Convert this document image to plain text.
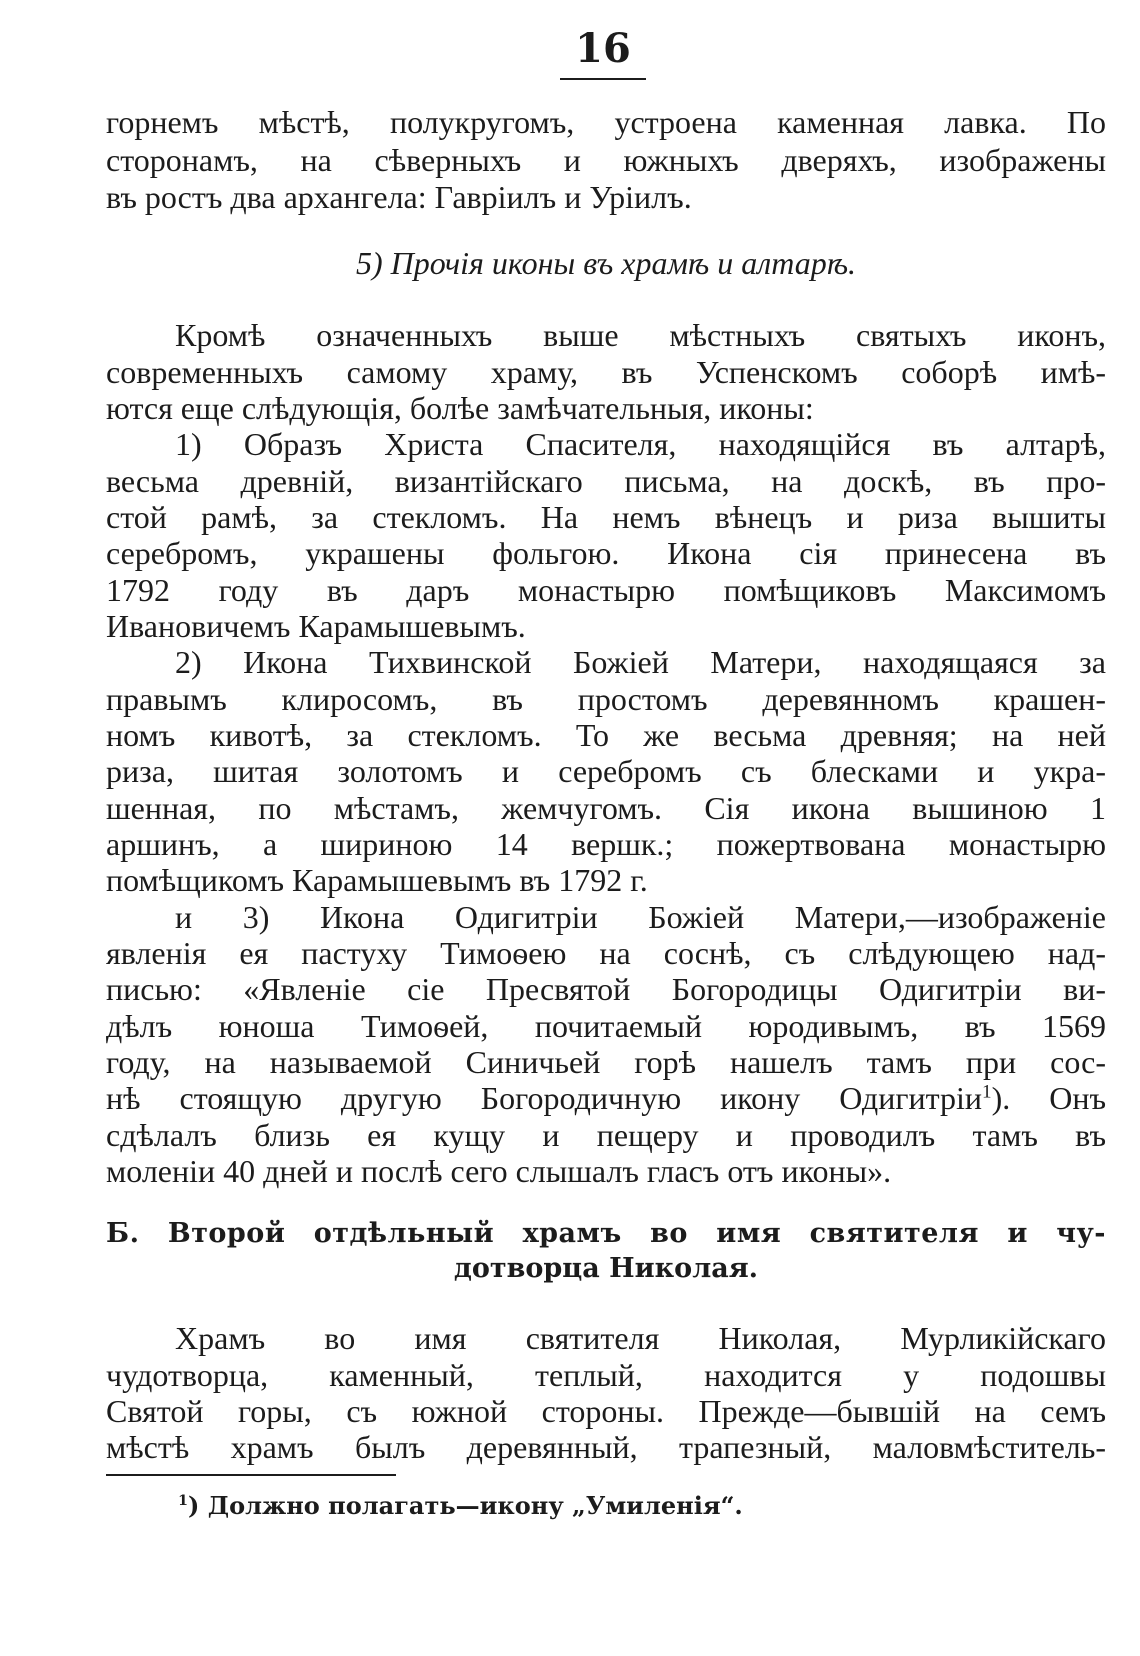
16
горнемъ мѣстѣ, полукругомъ, устроена каменная лавка. По
сторонамъ, на сѣверныхъ и южныхъ дверяхъ, изображены
въ ростъ два архангела: Гавріилъ и Уріилъ.
5) Прочія иконы въ храмѣ и алтарѣ.
Кромѣ означенныхъ выше мѣстныхъ святыхъ иконъ,
современныхъ самому храму, въ Успенскомъ соборѣ имѣ-
ются еще слѣдующія, болѣе замѣчательныя, иконы:
1) Образъ Христа Спасителя, находящійся въ алтарѣ,
весьма древній, византійскаго письма, на доскѣ, въ про-
стой рамѣ, за стекломъ. На немъ вѣнецъ и риза вышиты
серебромъ, украшены фольгою. Икона сія принесена въ
1792 году въ даръ монастырю помѣщиковъ Максимомъ
Ивановичемъ Карамышевымъ.
2) Икона Тихвинской Божіей Матери, находящаяся за
правымъ клиросомъ, въ простомъ деревянномъ крашен-
номъ кивотѣ, за стекломъ. То же весьма древняя; на ней
риза, шитая золотомъ и серебромъ съ блесками и укра-
шенная, по мѣстамъ, жемчугомъ. Сія икона вышиною 1
аршинъ, а шириною 14 вершк.; пожертвована монастырю
помѣщикомъ Карамышевымъ въ 1792 г.
и 3) Икона Одигитріи Божіей Матери,—изображеніе
явленія ея пастуху Тимоѳею на соснѣ, съ слѣдующею над-
писью: «Явленіе сіе Пресвятой Богородицы Одигитріи ви-
дѣлъ юноша Тимоѳей, почитаемый юродивымъ, въ 1569
году, на называемой Синичьей горѣ нашелъ тамъ при сос-
нѣ стоящую другую Богородичную икону Одигитріи$^1$). Онъ
сдѣлалъ близь ея кущу и пещеру и проводилъ тамъ въ
моленіи 40 дней и послѣ сего слышалъ гласъ отъ иконы».
Б. Второй отдѣльный храмъ во имя святителя и чу-
дотворца Николая.
Храмъ во имя святителя Николая, Мурликійскаго
чудотворца, каменный, теплый, находится у подошвы
Святой горы, съ южной стороны. Прежде—бывшій на семъ
мѣстѣ храмъ былъ деревянный, трапезный, маловмѣститель-
$^1$) Должно полагать—икону „Умиленія“.
